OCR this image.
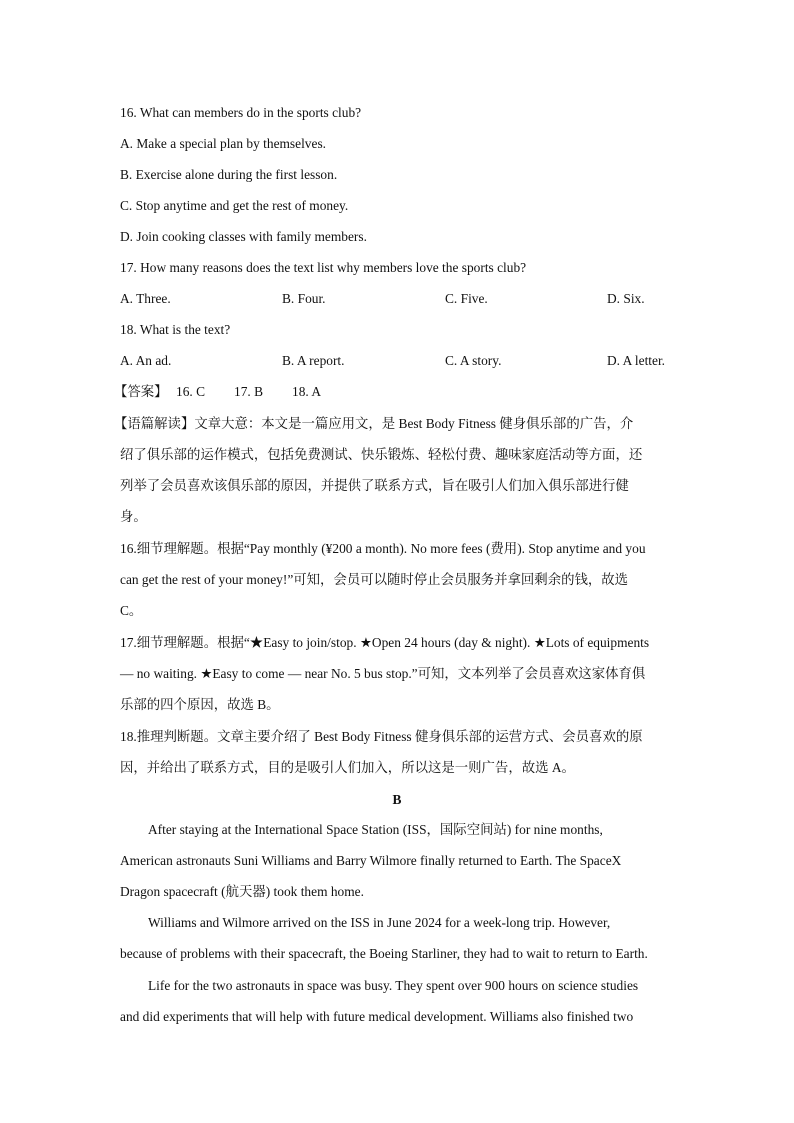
16. What can members do in the sports club?
A. Make a special plan by themselves.
B. Exercise alone during the first lesson.
C. Stop anytime and get the rest of money.
D. Join cooking classes with family members.
17. How many reasons does the text list why members love the sports club?
A. Three.	B. Four.	C. Five.	D. Six.
18. What is the text?
A. An ad.	B. A report.	C. A story.	D. A letter.
【答案】 16. C 17. B 18. A
【语篇解读】文章大意：本文是一篇应用文，是 Best Body Fitness 健身俱乐部的广告，介
绍了俱乐部的运作模式，包括免费测试、快乐锻炼、轻松付费、趣味家庭活动等方面，还
列举了会员喜欢该俱乐部的原因，并提供了联系方式，旨在吸引人们加入俱乐部进行健
身。
16.细节理解题。根据“Pay monthly (¥200 a month). No more fees (费用). Stop anytime and you
can get the rest of your money!”可知，会员可以随时停止会员服务并拿回剩余的钱，故选
C。
17.细节理解题。根据“★Easy to join/stop. ★Open 24 hours (day & night). ★Lots of equipments
— no waiting. ★Easy to come — near No. 5 bus stop.”可知，文本列举了会员喜欢这家体育俱
乐部的四个原因，故选 B。
18.推理判断题。文章主要介绍了 Best Body Fitness 健身俱乐部的运营方式、会员喜欢的原
因，并给出了联系方式，目的是吸引人们加入，所以这是一则广告，故选 A。
B
After staying at the International Space Station (ISS，国际空间站) for nine months,
American astronauts Suni Williams and Barry Wilmore finally returned to Earth. The SpaceX
Dragon spacecraft (航天器) took them home.
Williams and Wilmore arrived on the ISS in June 2024 for a week-long trip. However,
because of problems with their spacecraft, the Boeing Starliner, they had to wait to return to Earth.
Life for the two astronauts in space was busy. They spent over 900 hours on science studies
and did experiments that will help with future medical development. Williams also finished two
